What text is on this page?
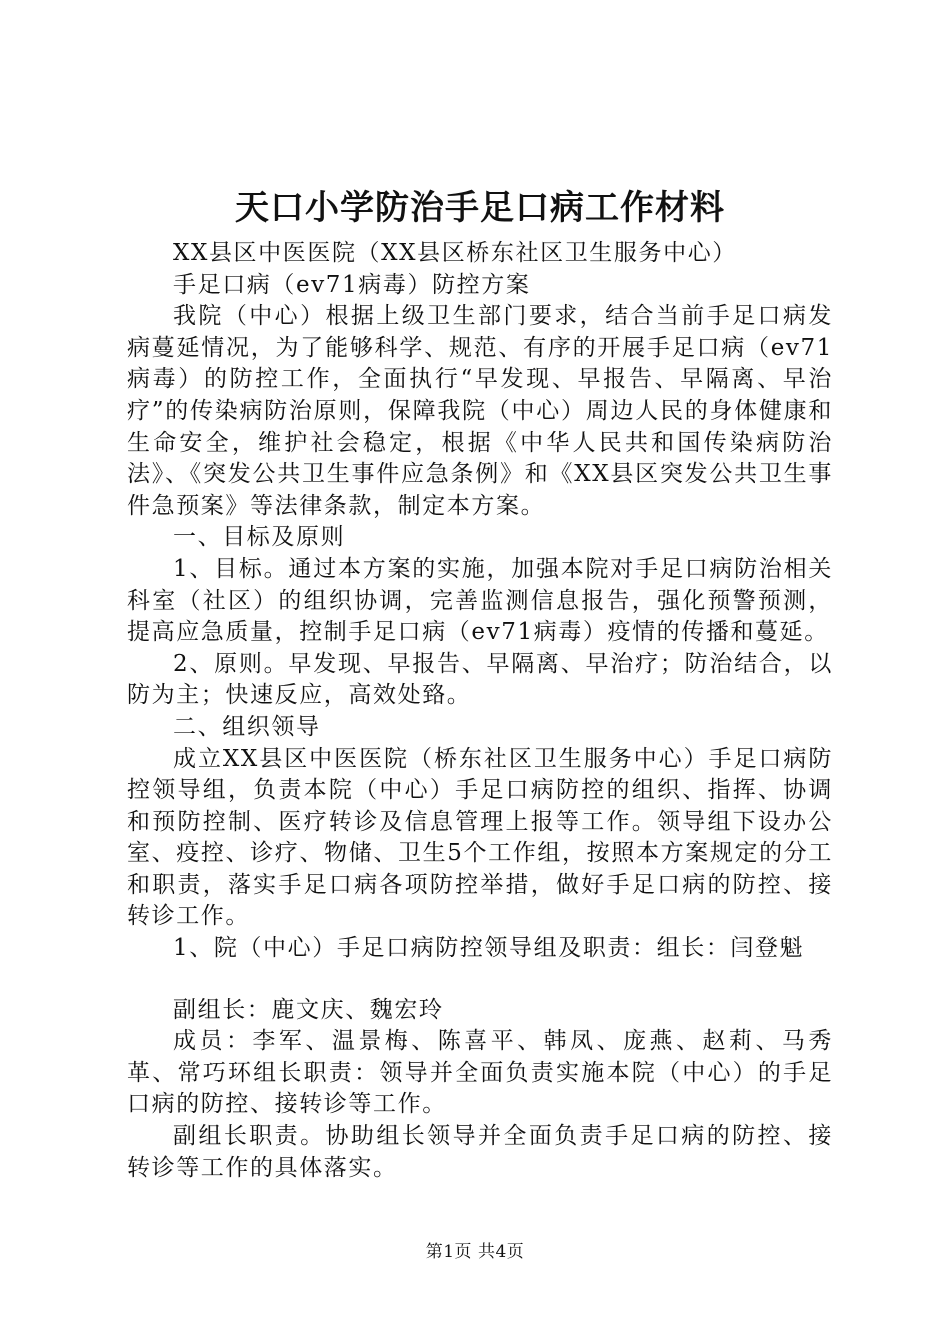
天口小学防治手足口病工作材料

XX县区中医医院（XX县区桥东社区卫生服务中心）

手足口病（ev71病毒）防控方案

我院（中心）根据上级卫生部门要求，结合当前手足口病发病蔓延情况，为了能够科学、规范、有序的开展手足口病（ev71病毒）的防控工作，全面执行“早发现、早报告、早隔离、早治疗”的传染病防治原则，保障我院（中心）周边人民的身体健康和生命安全，维护社会稳定，根据《中华人民共和国传染病防治法》、《突发公共卫生事件应急条例》和《XX县区突发公共卫生事件急预案》等法律条款，制定本方案。

一、目标及原则

1、目标。通过本方案的实施，加强本院对手足口病防治相关科室（社区）的组织协调，完善监测信息报告，强化预警预测，提高应急质量，控制手足口病（ev71病毒）疫情的传播和蔓延。

2、原则。早发现、早报告、早隔离、早治疗；防治结合，以防为主；快速反应，高效处臵。

二、组织领导

成立XX县区中医医院（桥东社区卫生服务中心）手足口病防控领导组，负责本院（中心）手足口病防控的组织、指挥、协调和预防控制、医疗转诊及信息管理上报等工作。领导组下设办公室、疫控、诊疗、物储、卫生5个工作组，按照本方案规定的分工和职责，落实手足口病各项防控举措，做好手足口病的防控、接转诊工作。

1、院（中心）手足口病防控领导组及职责：组长：闫登魁

副组长：鹿文庆、魏宏玲

成员：李军、温景梅、陈喜平、韩凤、庞燕、赵莉、马秀革、常巧环组长职责：领导并全面负责实施本院（中心）的手足口病的防控、接转诊等工作。

副组长职责。协助组长领导并全面负责手足口病的防控、接转诊等工作的具体落实。

第1页 共4页
